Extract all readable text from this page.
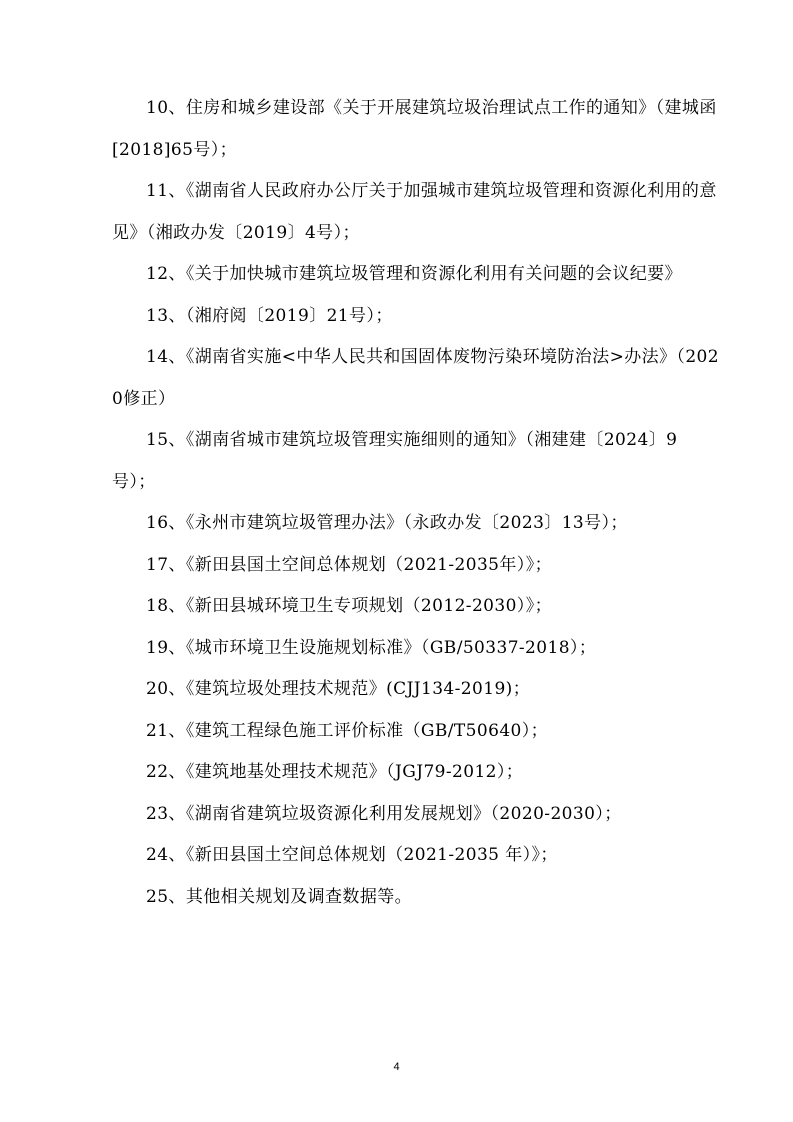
10、住房和城乡建设部《关于开展建筑垃圾治理试点工作的通知》（建城函[2018]65号）；

11、《湖南省人民政府办公厅关于加强城市建筑垃圾管理和资源化利用的意见》（湘政办发〔2019〕4号）；

12、《关于加快城市建筑垃圾管理和资源化利用有关问题的会议纪要》

13、（湘府阅〔2019〕21号）；

14、《湖南省实施<中华人民共和国固体废物污染环境防治法>办法》（2020修正）

15、《湖南省城市建筑垃圾管理实施细则的通知》（湘建建〔2024〕9号）；

16、《永州市建筑垃圾管理办法》（永政办发〔2023〕13号）；

17、《新田县国土空间总体规划（2021-2035年）》；

18、《新田县城环境卫生专项规划（2012-2030）》；

19、《城市环境卫生设施规划标准》（GB/50337-2018）；

20、《建筑垃圾处理技术规范》(CJJ134-2019)；

21、《建筑工程绿色施工评价标准（GB/T50640）；

22、《建筑地基处理技术规范》（JGJ79-2012）；

23、《湖南省建筑垃圾资源化利用发展规划》（2020-2030）；

24、《新田县国土空间总体规划（2021-2035 年）》；

25、其他相关规划及调查数据等。

4
